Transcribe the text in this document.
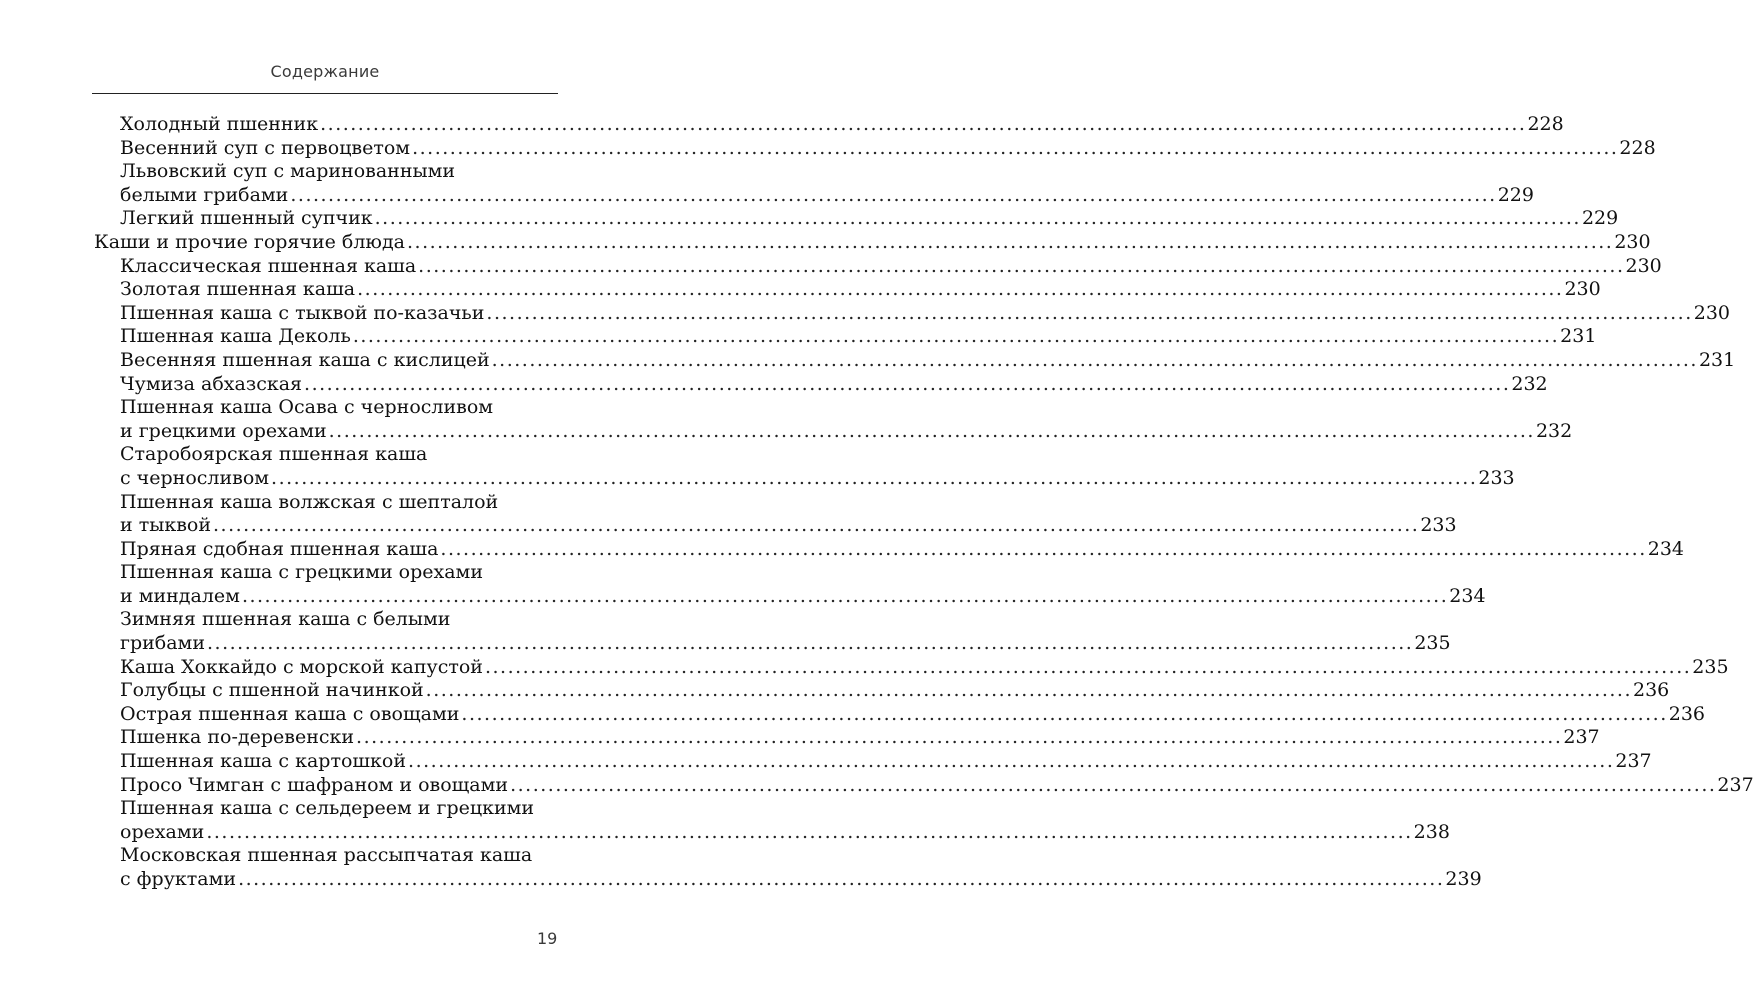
Содержание
Холодный пшенник .....	228
Весенний суп с первоцветом .....	228
Львовский суп с маринованными
белыми грибами .....	229
Легкий пшенный супчик .....	229
Каши и прочие горячие блюда .....	230
Классическая пшенная каша .....	230
Золотая пшенная каша .....	230
Пшенная каша с тыквой по-казачьи .....	230
Пшенная каша Деколь .....	231
Весенняя пшенная каша с кислицей .....	231
Чумиза абхазская .....	232
Пшенная каша Осава с черносливом
и грецкими орехами .....	232
Старобоярская пшенная каша
с черносливом .....	233
Пшенная каша волжская с шепталой
и тыквой .....	233
Пряная сдобная пшенная каша .....	234
Пшенная каша с грецкими орехами
и миндалем .....	234
Зимняя пшенная каша с белыми
грибами .....	235
Каша Хоккайдо с морской капустой .....	235
Голубцы с пшенной начинкой .....	236
Острая пшенная каша с овощами .....	236
Пшенка по-деревенски .....	237
Пшенная каша с картошкой .....	237
Просо Чимган с шафраном и овощами .....	237
Пшенная каша с сельдереем и грецкими
орехами .....	238
Московская пшенная рассыпчатая каша
с фруктами .....	239
19
